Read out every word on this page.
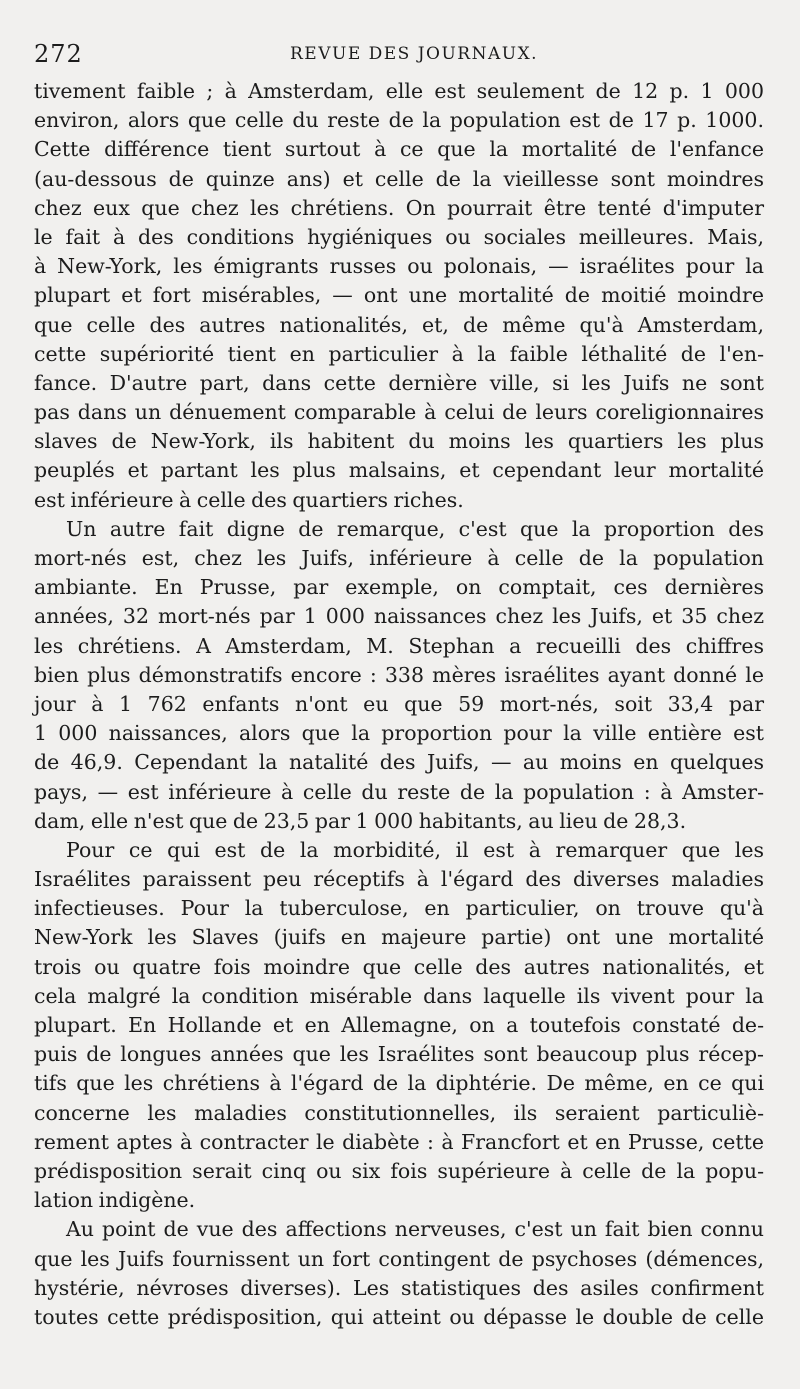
272	REVUE DES JOURNAUX.
tivement faible ; à Amsterdam, elle est seulement de 12 p. 1 000
environ, alors que celle du reste de la population est de 17 p. 1000.
Cette différence tient surtout à ce que la mortalité de l'enfance
(au-dessous de quinze ans) et celle de la vieillesse sont moindres
chez eux que chez les chrétiens. On pourrait être tenté d'imputer
le fait à des conditions hygiéniques ou sociales meilleures. Mais,
à New-York, les émigrants russes ou polonais, — israélites pour la
plupart et fort misérables, — ont une mortalité de moitié moindre
que celle des autres nationalités, et, de même qu'à Amsterdam,
cette supériorité tient en particulier à la faible léthalité de l'en-
fance. D'autre part, dans cette dernière ville, si les Juifs ne sont
pas dans un dénuement comparable à celui de leurs coreligionnaires
slaves de New-York, ils habitent du moins les quartiers les plus
peuplés et partant les plus malsains, et cependant leur mortalité
est inférieure à celle des quartiers riches.
Un autre fait digne de remarque, c'est que la proportion des
mort-nés est, chez les Juifs, inférieure à celle de la population
ambiante. En Prusse, par exemple, on comptait, ces dernières
années, 32 mort-nés par 1 000 naissances chez les Juifs, et 35 chez
les chrétiens. A Amsterdam, M. Stephan a recueilli des chiffres
bien plus démonstratifs encore : 338 mères israélites ayant donné le
jour à 1 762 enfants n'ont eu que 59 mort-nés, soit 33,4 par
1 000 naissances, alors que la proportion pour la ville entière est
de 46,9. Cependant la natalité des Juifs, — au moins en quelques
pays, — est inférieure à celle du reste de la population : à Amster-
dam, elle n'est que de 23,5 par 1 000 habitants, au lieu de 28,3.
Pour ce qui est de la morbidité, il est à remarquer que les
Israélites paraissent peu réceptifs à l'égard des diverses maladies
infectieuses. Pour la tuberculose, en particulier, on trouve qu'à
New-York les Slaves (juifs en majeure partie) ont une mortalité
trois ou quatre fois moindre que celle des autres nationalités, et
cela malgré la condition misérable dans laquelle ils vivent pour la
plupart. En Hollande et en Allemagne, on a toutefois constaté de-
puis de longues années que les Israélites sont beaucoup plus récep-
tifs que les chrétiens à l'égard de la diphtérie. De même, en ce qui
concerne les maladies constitutionnelles, ils seraient particuliè-
rement aptes à contracter le diabète : à Francfort et en Prusse, cette
prédisposition serait cinq ou six fois supérieure à celle de la popu-
lation indigène.
Au point de vue des affections nerveuses, c'est un fait bien connu
que les Juifs fournissent un fort contingent de psychoses (démences,
hystérie, névroses diverses). Les statistiques des asiles confirment
toutes cette prédisposition, qui atteint ou dépasse le double de celle
